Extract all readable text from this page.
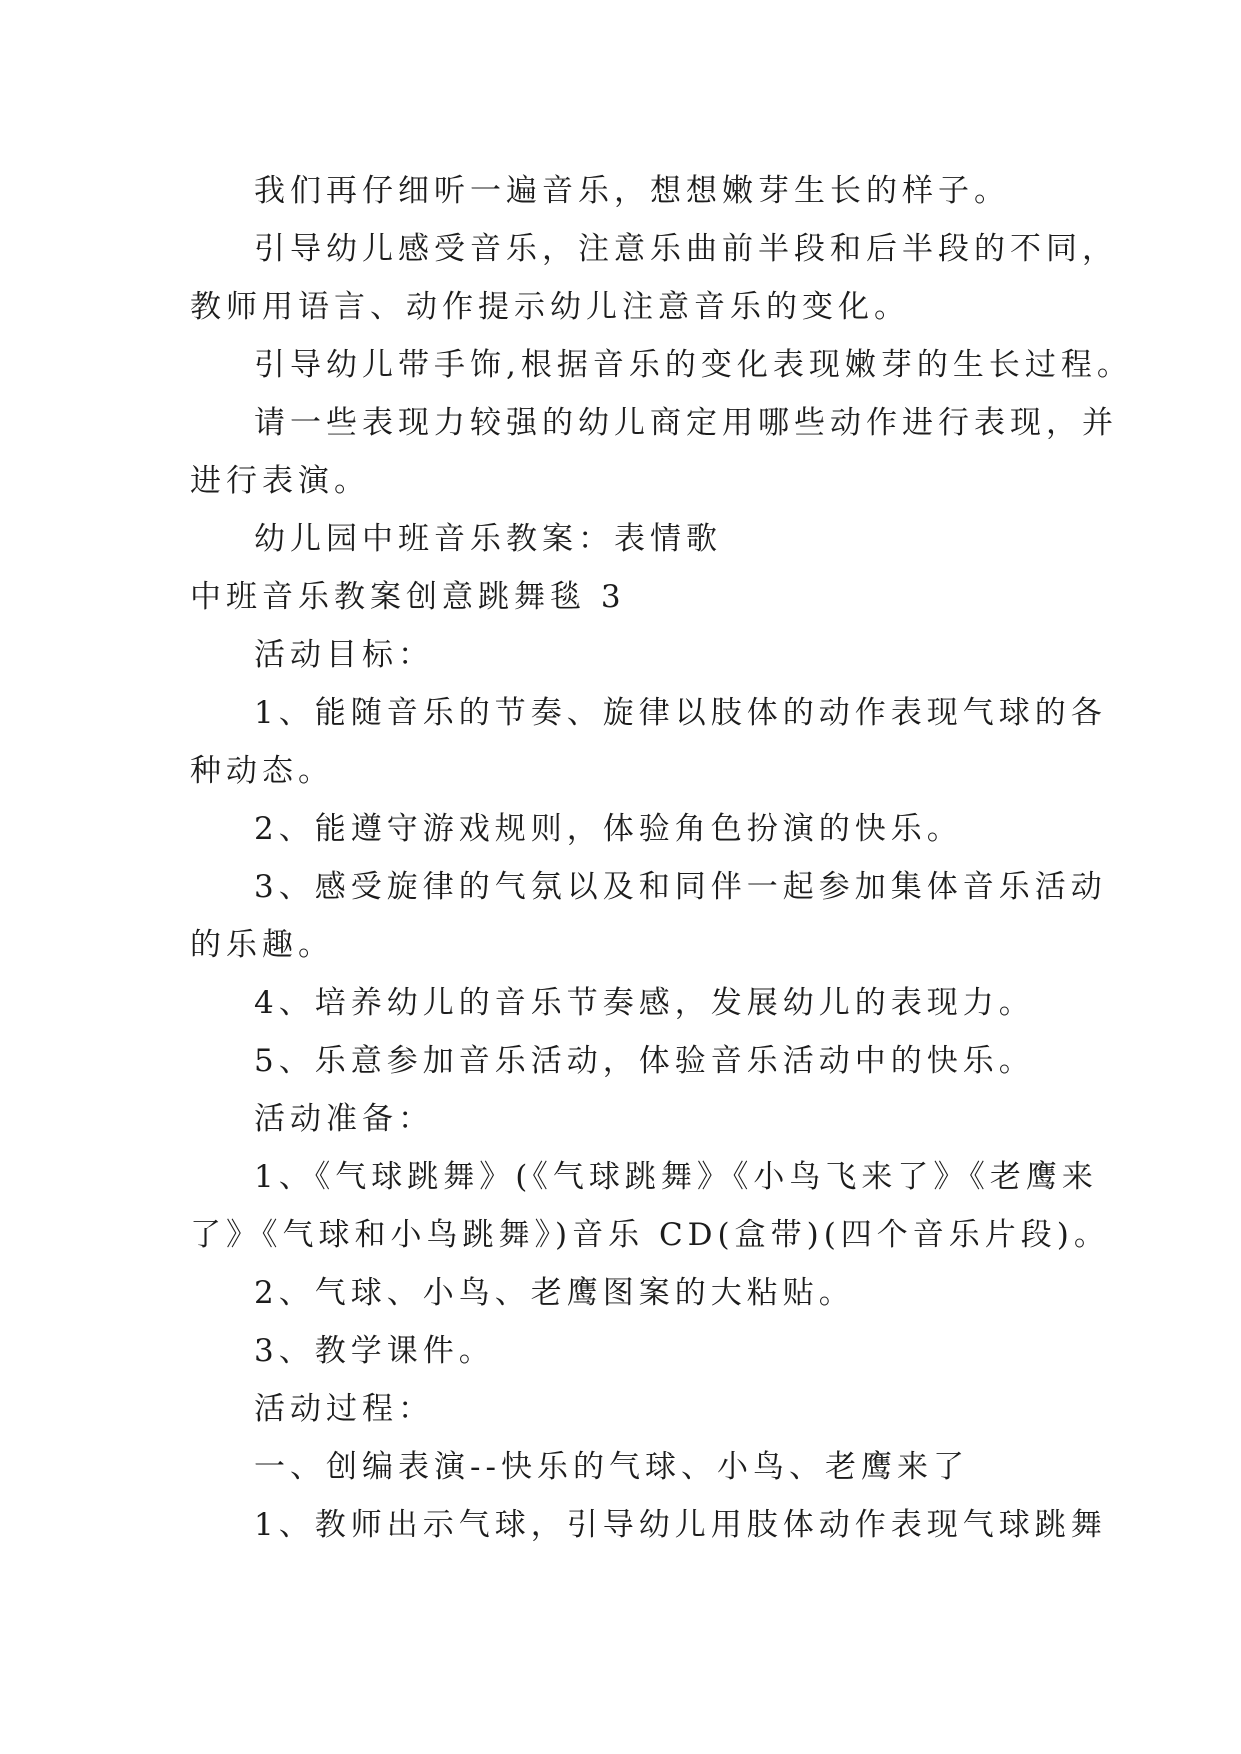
我们再仔细听一遍音乐，想想嫩芽生长的样子。
引导幼儿感受音乐，注意乐曲前半段和后半段的不同，
教师用语言、动作提示幼儿注意音乐的变化。
引导幼儿带手饰,根据音乐的变化表现嫩芽的生长过程。
请一些表现力较强的幼儿商定用哪些动作进行表现，并
进行表演。
幼儿园中班音乐教案：表情歌
中班音乐教案创意跳舞毯 3
活动目标：
1、能随音乐的节奏、旋律以肢体的动作表现气球的各
种动态。
2、能遵守游戏规则，体验角色扮演的快乐。
3、感受旋律的气氛以及和同伴一起参加集体音乐活动
的乐趣。
4、培养幼儿的音乐节奏感，发展幼儿的表现力。
5、乐意参加音乐活动，体验音乐活动中的快乐。
活动准备：
1、《气球跳舞》(《气球跳舞》《小鸟飞来了》《老鹰来
了》《气球和小鸟跳舞》)音乐 CD(盒带)(四个音乐片段)。
2、气球、小鸟、老鹰图案的大粘贴。
3、教学课件。
活动过程：
一、创编表演--快乐的气球、小鸟、老鹰来了
1、教师出示气球，引导幼儿用肢体动作表现气球跳舞
